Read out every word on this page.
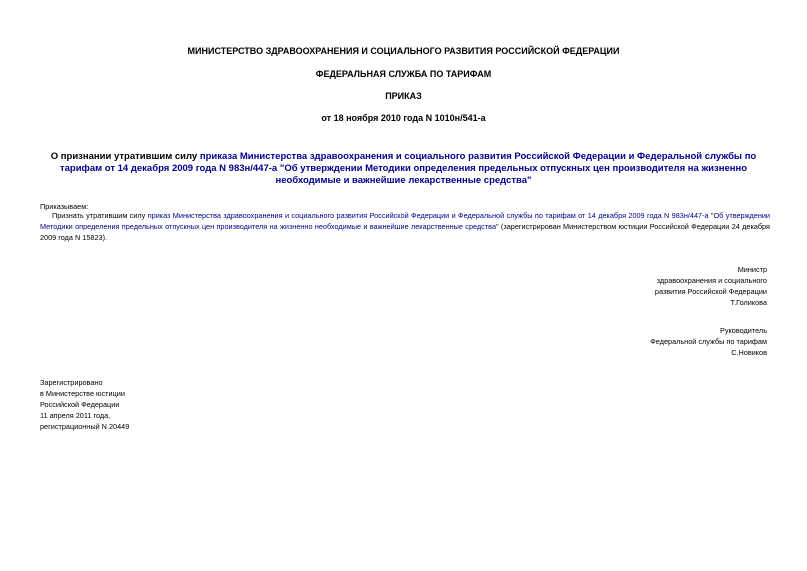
МИНИСТЕРСТВО ЗДРАВООХРАНЕНИЯ И СОЦИАЛЬНОГО РАЗВИТИЯ РОССИЙСКОЙ ФЕДЕРАЦИИ
ФЕДЕРАЛЬНАЯ СЛУЖБА ПО ТАРИФАМ
ПРИКАЗ
от 18 ноября 2010 года N 1010н/541-а
О признании утратившим силу приказа Министерства здравоохранения и социального развития Российской Федерации и Федеральной службы по тарифам от 14 декабря 2009 года N 983н/447-а "Об утверждении Методики определения предельных отпускных цен производителя на жизненно необходимые и важнейшие лекарственные средства"
Приказываем:
Признать утратившим силу приказ Министерства здравоохранения и социального развития Российской Федерации и Федеральной службы по тарифам от 14 декабря 2009 года N 983н/447-а "Об утверждении Методики определения предельных отпускных цен производителя на жизненно необходимые и важнейшие лекарственные средства" (зарегистрирован Министерством юстиции Российской Федерации 24 декабря 2009 года N 15823).
Министр
здравоохранения и социального
развития Российской Федерации
Т.Голикова
Руководитель
Федеральной службы по тарифам
С.Новиков
Зарегистрировано
в Министерстве юстиции
Российской Федерации
11 апреля 2011 года,
регистрационный N 20449
